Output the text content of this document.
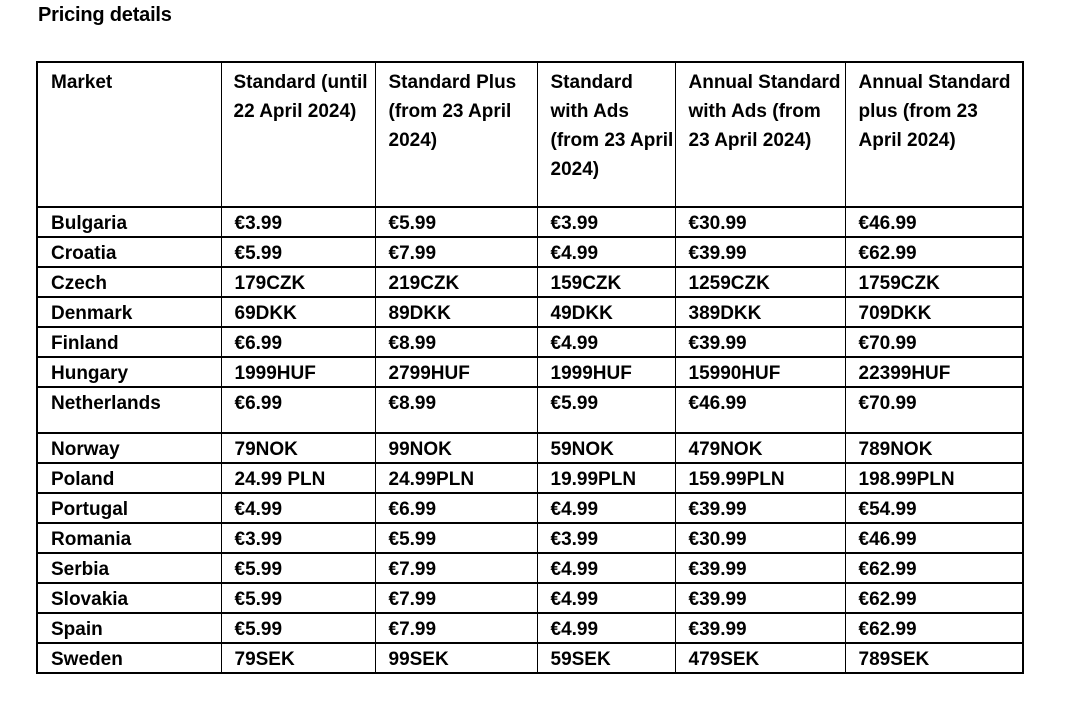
Pricing details
Market	Standard (until 22 April 2024)	Standard Plus (from 23 April 2024)	Standard with Ads (from 23 April 2024)	Annual Standard with Ads (from 23 April 2024)	Annual Standard plus (from 23 April 2024)
Bulgaria	€3.99	€5.99	€3.99	€30.99	€46.99
Croatia	€5.99	€7.99	€4.99	€39.99	€62.99
Czech	179CZK	219CZK	159CZK	1259CZK	1759CZK
Denmark	69DKK	89DKK	49DKK	389DKK	709DKK
Finland	€6.99	€8.99	€4.99	€39.99	€70.99
Hungary	1999HUF	2799HUF	1999HUF	15990HUF	22399HUF
Netherlands	€6.99	€8.99	€5.99	€46.99	€70.99
Norway	79NOK	99NOK	59NOK	479NOK	789NOK
Poland	24.99 PLN	24.99PLN	19.99PLN	159.99PLN	198.99PLN
Portugal	€4.99	€6.99	€4.99	€39.99	€54.99
Romania	€3.99	€5.99	€3.99	€30.99	€46.99
Serbia	€5.99	€7.99	€4.99	€39.99	€62.99
Slovakia	€5.99	€7.99	€4.99	€39.99	€62.99
Spain	€5.99	€7.99	€4.99	€39.99	€62.99
Sweden	79SEK	99SEK	59SEK	479SEK	789SEK
